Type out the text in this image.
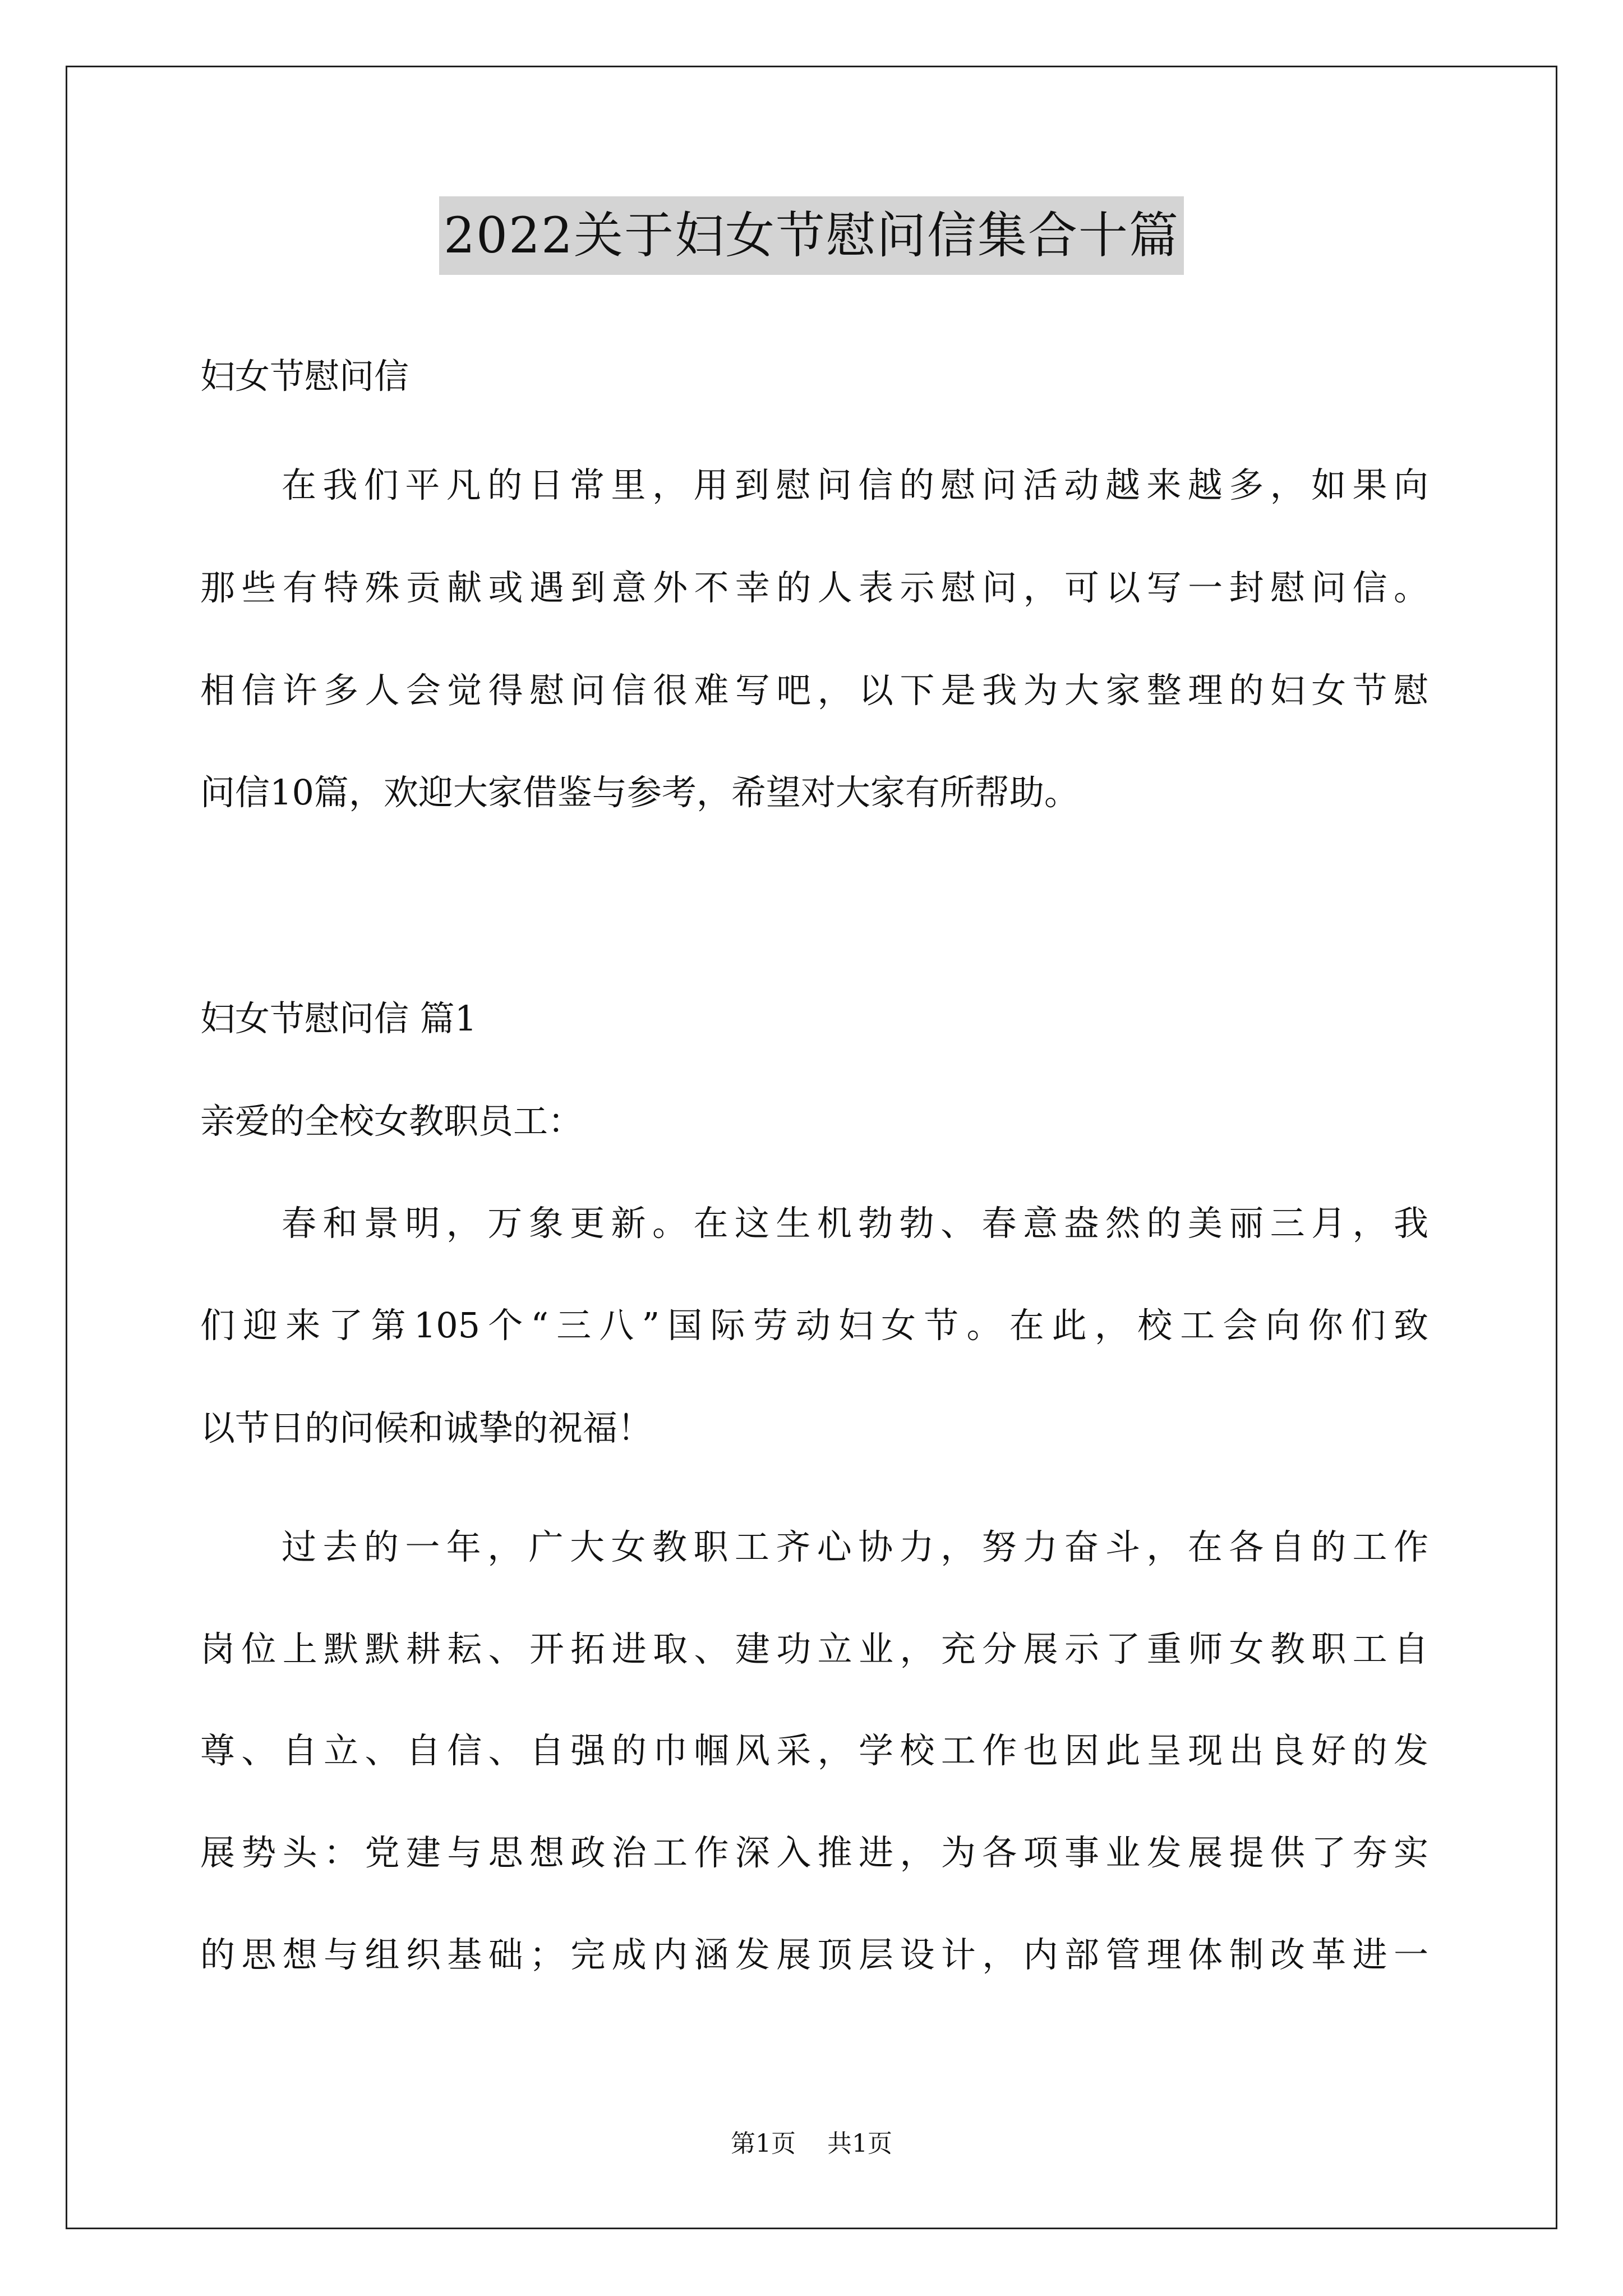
2022关于妇女节慰问信集合十篇
妇女节慰问信
在我们平凡的日常里，用到慰问信的慰问活动越来越多，如果向
那些有特殊贡献或遇到意外不幸的人表示慰问，可以写一封慰问信。
相信许多人会觉得慰问信很难写吧，以下是我为大家整理的妇女节慰
问信10篇，欢迎大家借鉴与参考，希望对大家有所帮助。
妇女节慰问信 篇1
亲爱的全校女教职员工：
春和景明，万象更新。在这生机勃勃、春意盎然的美丽三月，我
们迎来了第105个“三八”国际劳动妇女节。在此，校工会向你们致
以节日的问候和诚挚的祝福！
过去的一年，广大女教职工齐心协力，努力奋斗，在各自的工作
岗位上默默耕耘、开拓进取、建功立业，充分展示了重师女教职工自
尊、自立、自信、自强的巾帼风采，学校工作也因此呈现出良好的发
展势头：党建与思想政治工作深入推进，为各项事业发展提供了夯实
的思想与组织基础；完成内涵发展顶层设计，内部管理体制改革进一
第1页 共1页
